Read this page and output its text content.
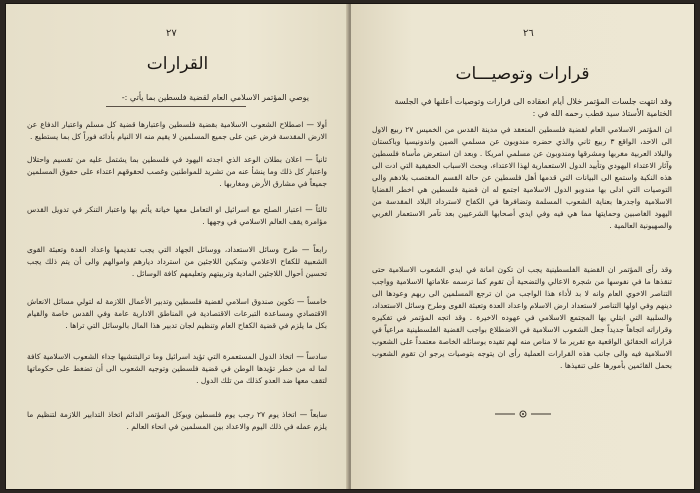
٢٧
القرارات
يوصي المؤتمر الاسلامي العام لقضية فلسطين بما يأتي :-
أولا — اصطلاح الشعوب الاسلامية بقضية فلسطين واعتبارها قضية كل مسلم واعتبار الدفاع عن الارض المقدسة فرض عين على جميع المسلمين لا يقيم منه الا النيام بأدائه فوراً كل بما يستطيع .
ثانياً — اعلان بطلان الوعد الذي اجدته اليهود في فلسطين بما يشتمل عليه من تقسيم واحتلال واعتبار كل ذلك وما ينشأ عنه من تشريد للمواطنين وغصب لحقوقهم اعتداء على حقوق المسلمين جميعاً في مشارق الأرض ومغاربها .
ثالثاً — اعتبار الصلح مع اسرائيل او التعامل معها خيانة يأثم بها واعتبار التنكر في تدويل القدس مؤامرة يقف العالم الاسلامي في وجهها .
رابعاً — طرح وسائل الاستعداد، ووسائل الجهاد التي يجب تقديمها واعداد العدة وتعبئة القوى الشعبية للكفاح الاعلامي وتمكين اللاجئين من استرداد ديارهم واموالهم والى أن يتم ذلك يجب تحسين أحوال اللاجئين المادية وتربيتهم وتعليمهم كافة الوسائل .
خامساً — تكوين صندوق اسلامي لقضية فلسطين وتدبير الأعمال اللازمة له لتولي مسائل الانعاش الاقتصادي ومساعدة التبرعات الاقتصادية في المناطق الادارية عامة وفي القدس خاصة والقيام بكل ما يلزم في قضية الكفاح العام وتنظيم لجان تدبير هذا المال بالوسائل التي تراها .
سادساً — اتخاذ الدول المستعمرة التي تؤيد اسرائيل وما ترالبتنشيها جداء الشعوب الاسلامية كافة لما له من خطر تؤيدها الوطن في قضية فلسطين وتوجيه الشعوب الى أن تضغط على حكوماتها لتقف معها ضد العدو كذلك من تلك الدول .
سابعاً — اتخاذ يوم ٢٧ رجب يوم فلسطين ويوكل المؤتمر الدائم اتخاذ التدابير اللازمة لتنظيم ما يلزم عمله في ذلك اليوم والاعداد بين المسلمين في انحاء العالم .
٢٦
قرارات وتوصيـــات
وقد انتهت جلسات المؤتمر خلال أيام انعقاده الى قرارات وتوصيات أعلنها في الجلسة الختامية الأستاذ سيد قطب رحمه الله في :
ان المؤتمر الاسلامي العام لقضية فلسطين المنعقد في مدينة القدس من الخميس ٢٧ ربيع الاول الى الاحد، الواقع ٣ ربيع ثاني والذي حضره مندوبون عن مسلمي الصين واندونيسيا وباكستان والبلاد العربية مغربها ومشرقها ومندوبون عن مسلمي امريكا . وبعد ان استعرض مأساة فلسطين وآثار الاعتداء اليهودي وتأييد الدول الاستعمارية لهذا الاعتداء، وبحث الاسباب الحقيقية التي ادت الى هذه النكبة واستمع الى البيانات التي قدمها أهل فلسطين عن حالة القسم المغتصب بلادهم والى التوصيات التي ادلى بها مندوبو الدول الاسلامية اجتمع له ان قضية فلسطين هي اخطر القضايا الاسلامية واجدرها بعناية الشعوب المسلمة وتضافرها في الكفاح لاسترداد البلاد المقدسة من اليهود الغاصبين وحمايتها مما هي فيه وفي ايدي أصحابها الشرعيين بعد تآمر الاستعمار الغربي والصهيونية العالمية .
وقد رأى المؤتمر ان القضية الفلسطينية يجب ان تكون امانة في ايدي الشعوب الاسلامية حتى تنقذها ما في نفوسها من شجرة الاعالي والتضحية أن تقوم كما ترسمه علاماتها الاسلامية وواجب التناصر الاخوي العام وانه لا بد لأداء هذا الواجب من ان ترجع المسلمين الى ربهم وعودها الى دينهم وفي اولها التناصر لاستعداد ارض الاسلام واعداد العدة وتعبئة القوى وطرح وسائل الاستعداد، والسلبية التي ابتلي بها المجتمع الاسلامي في عهوده الاخيرة . وقد اتجه المؤتمر في تفكيره وقراراته اتجاهاً جديداً جعل الشعوب الاسلامية في الاضطلاع بواجب القضية الفلسطينية مراعياً في قراراته الحقائق الواقعية مع تقرير ما لا مناص منه لهم تقيده بوسائله الخاصة معتمداً على الشعوب الاسلامية فيه والى جانب هذه القرارات العملية رأى ان يتوجه بتوصيات يرجو ان تقوم الشعوب بحمل القائمين بأمورها على تنفيذها .
